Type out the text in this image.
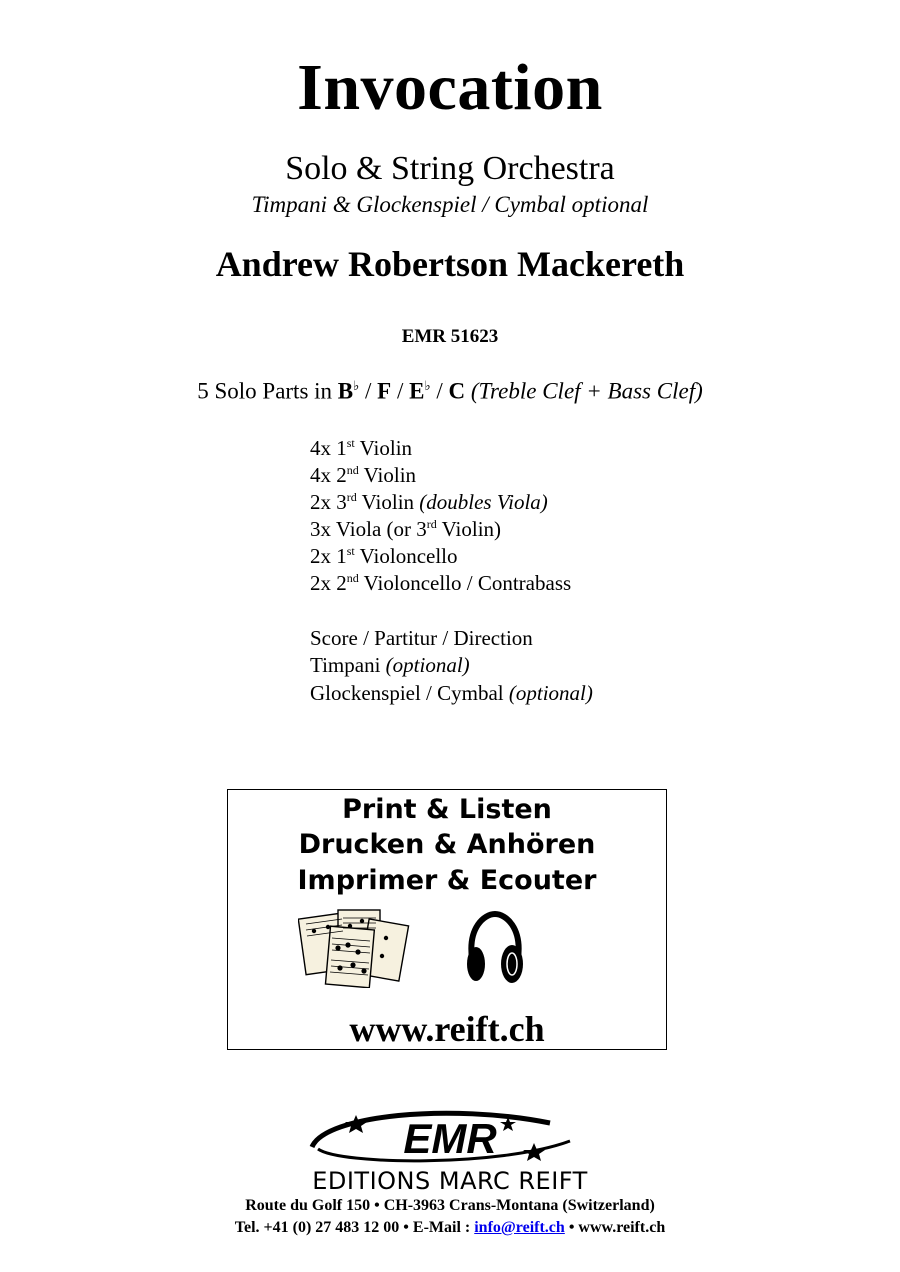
Invocation
Solo & String Orchestra
Timpani & Glockenspiel / Cymbal optional
Andrew Robertson Mackereth
EMR 51623
5 Solo Parts in B♭ / F / E♭ / C (Treble Clef + Bass Clef)
4x 1st Violin
4x 2nd Violin
2x 3rd Violin (doubles Viola)
3x Viola (or 3rd Violin)
2x 1st Violoncello
2x 2nd Violoncello / Contrabass
Score / Partitur / Direction
Timpani (optional)
Glockenspiel / Cymbal (optional)
Print & Listen
Drucken & Anhören
Imprimer & Ecouter
www.reift.ch
EMR
EDITIONS MARC REIFT
Route du Golf 150 • CH-3963 Crans-Montana (Switzerland)
Tel. +41 (0) 27 483 12 00 • E-Mail : info@reift.ch • www.reift.ch
